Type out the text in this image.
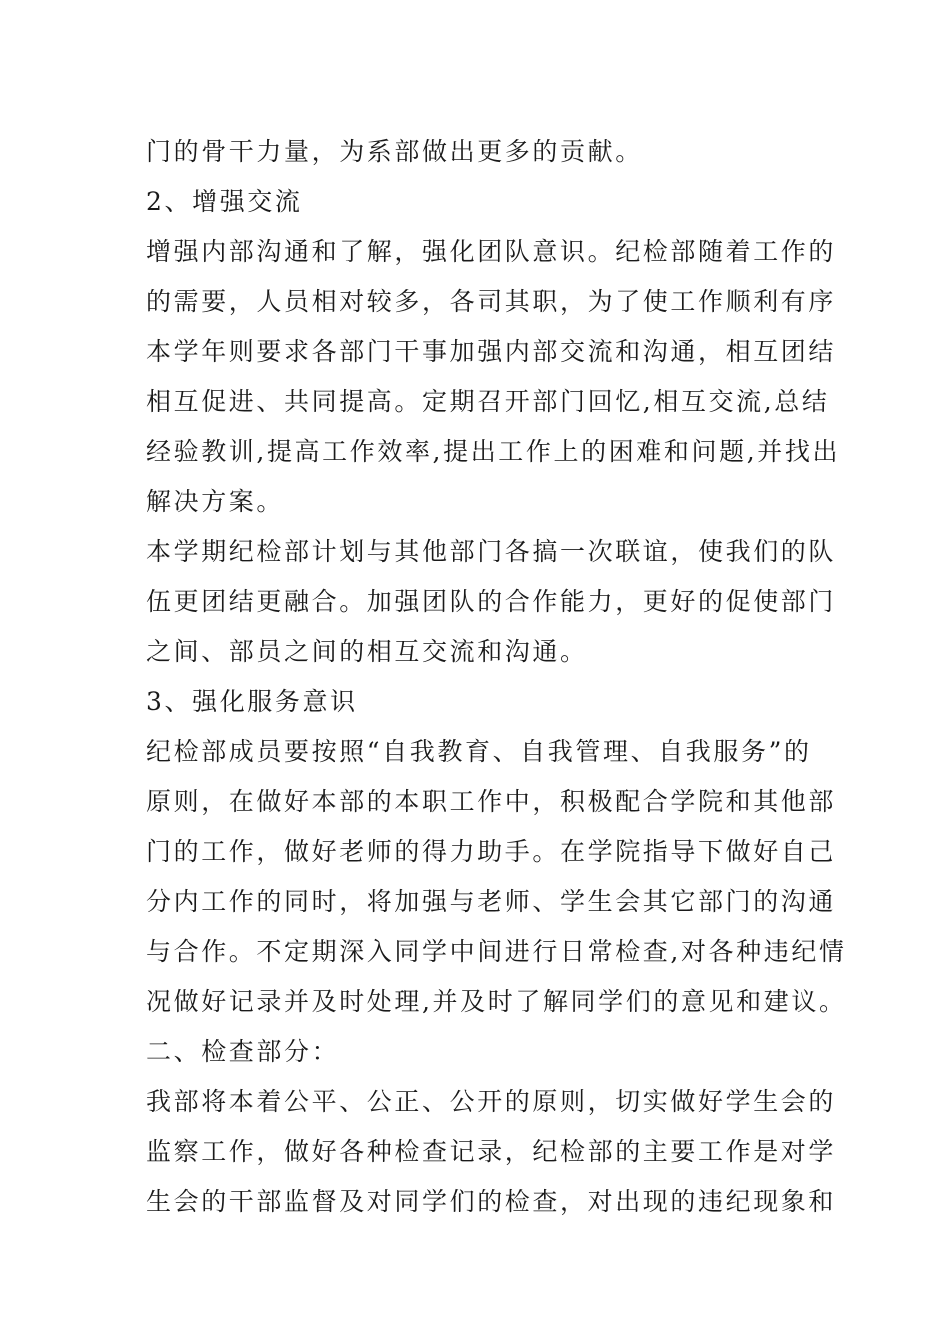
门的骨干力量，为系部做出更多的贡献。
2、增强交流
增强内部沟通和了解，强化团队意识。纪检部随着工作的
的需要，人员相对较多，各司其职，为了使工作顺利有序
本学年则要求各部门干事加强内部交流和沟通，相互团结
相互促进、共同提高。定期召开部门回忆,相互交流,总结
经验教训,提高工作效率,提出工作上的困难和问题,并找出
解决方案。
本学期纪检部计划与其他部门各搞一次联谊，使我们的队
伍更团结更融合。加强团队的合作能力，更好的促使部门
之间、部员之间的相互交流和沟通。
3、强化服务意识
纪检部成员要按照“自我教育、自我管理、自我服务”的
原则，在做好本部的本职工作中，积极配合学院和其他部
门的工作，做好老师的得力助手。在学院指导下做好自己
分内工作的同时，将加强与老师、学生会其它部门的沟通
与合作。不定期深入同学中间进行日常检查,对各种违纪情
况做好记录并及时处理,并及时了解同学们的意见和建议。
二、检查部分：
我部将本着公平、公正、公开的原则，切实做好学生会的
监察工作，做好各种检查记录，纪检部的主要工作是对学
生会的干部监督及对同学们的检查，对出现的违纪现象和
